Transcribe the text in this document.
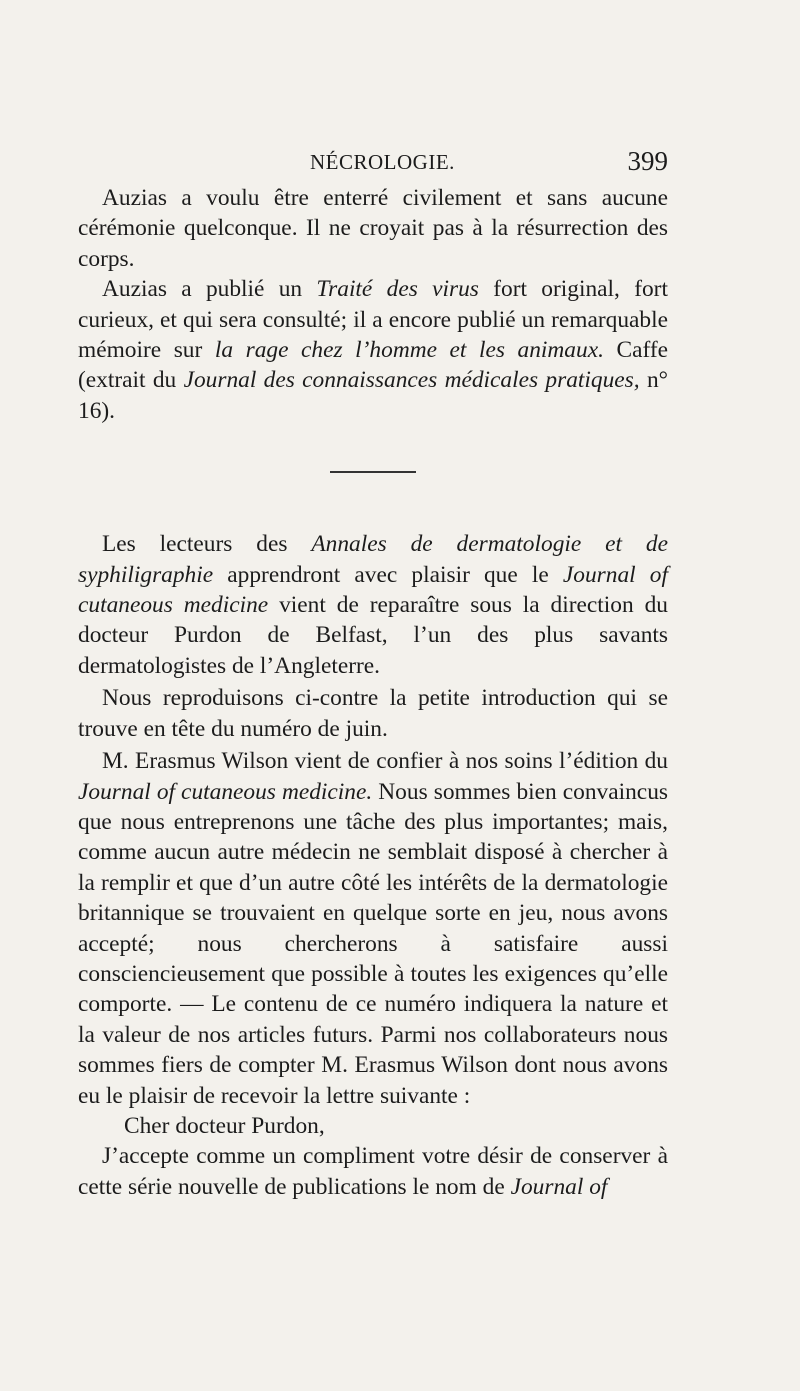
NÉCROLOGIE.	399

Auzias a voulu être enterré civilement et sans aucune cérémonie quelconque. Il ne croyait pas à la résurrection des corps.

Auzias a publié un Traité des virus fort original, fort curieux, et qui sera consulté; il a encore publié un remarquable mémoire sur la rage chez l’homme et les animaux. Caffe (extrait du Journal des connaissances médicales pratiques, n° 16).

Les lecteurs des Annales de dermatologie et de syphiligraphie apprendront avec plaisir que le Journal of cutaneous medicine vient de reparaître sous la direction du docteur Purdon de Belfast, l’un des plus savants dermatologistes de l’Angleterre.

Nous reproduisons ci-contre la petite introduction qui se trouve en tête du numéro de juin.

M. Erasmus Wilson vient de confier à nos soins l’édition du Journal of cutaneous medicine. Nous sommes bien convaincus que nous entreprenons une tâche des plus importantes; mais, comme aucun autre médecin ne semblait disposé à chercher à la remplir et que d’un autre côté les intérêts de la dermatologie britannique se trouvaient en quelque sorte en jeu, nous avons accepté; nous chercherons à satisfaire aussi consciencieusement que possible à toutes les exigences qu’elle comporte. — Le contenu de ce numéro indiquera la nature et la valeur de nos articles futurs. Parmi nos collaborateurs nous sommes fiers de compter M. Erasmus Wilson dont nous avons eu le plaisir de recevoir la lettre suivante :

Cher docteur Purdon,

J’accepte comme un compliment votre désir de conserver à cette série nouvelle de publications le nom de Journal of
